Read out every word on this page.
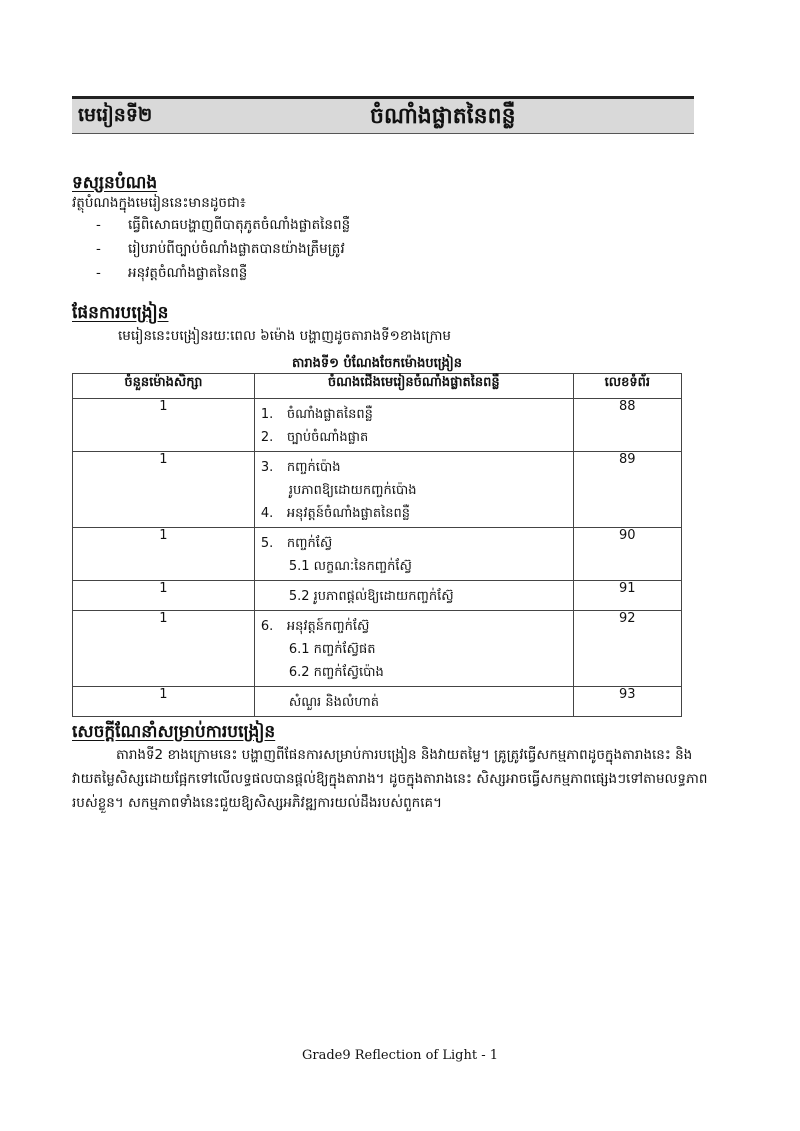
មេរៀនទី២	ចំណាំងផ្លាតនៃពន្លឺ
ទស្សនបំណង
វត្ថុបំណងក្នុងមេរៀននេះមានដូចជា៖
- ធ្វើពិសោធបង្ហាញពីបាតុភូតចំណាំងផ្លាតនៃពន្លឺ
- រៀបរាប់ពីច្បាប់ចំណាំងផ្លាតបានយ៉ាងត្រឹមត្រូវ
- អនុវត្តចំណាំងផ្លាតនៃពន្លឺ
ផែនការបង្រៀន
មេរៀននេះបង្រៀនរយៈពេល ៦ម៉ោង បង្ហាញដូចតារាងទី១ខាងក្រោម
តារាងទី១ បំណែងចែកម៉ោងបង្រៀន
ចំនួនម៉ោងសិក្សា	ចំណងជើងមេរៀនចំណាំងផ្លាតនៃពន្លឺ	លេខទំព័រ
1	1. ចំណាំងផ្លាតនៃពន្លឺ
2. ច្បាប់ចំណាំងផ្លាត	88
1	3. កញ្ចក់ប៉ោង
រូបភាពឱ្យដោយកញ្ចក់ប៉ោង
4. អនុវត្តន៍ចំណាំងផ្លាតនៃពន្លឺ	89
1	5. កញ្ចក់ស្វ៊ែ
5.1 លក្ខណៈនៃកញ្ចក់ស្វ៊ែ	90
1	5.2 រូបភាពផ្ដល់ឱ្យដោយកញ្ចក់ស្វ៊ែ	91
1	6. អនុវត្តន៍កញ្ចក់ស្វ៊ែ
6.1 កញ្ចក់ស្វ៊ែផត
6.2 កញ្ចក់ស្វ៊ែប៉ោង	92
1	សំណួរ និងលំហាត់	93
សេចក្ដីណែនាំសម្រាប់ការបង្រៀន

តារាងទី2 ខាងក្រោមនេះ បង្ហាញពីផែនការសម្រាប់ការបង្រៀន និងវាយតម្លៃ។ គ្រូត្រូវធ្វើសកម្មភាពដូចក្នុងតារាងនេះ និងវាយតម្លៃសិស្សដោយផ្អែកទៅលើលទ្ធផលបានផ្ដល់ឱ្យក្នុងតារាង។ ដូចក្នុងតារាងនេះ សិស្សអាចធ្វើសកម្មភាពផ្សេងៗទៅតាមលទ្ធភាពរបស់ខ្លួន។ សកម្មភាពទាំងនេះជួយឱ្យសិស្សអភិវឌ្ឍការយល់ដឹងរបស់ពួកគេ។

Grade9 Reflection of Light - 1
